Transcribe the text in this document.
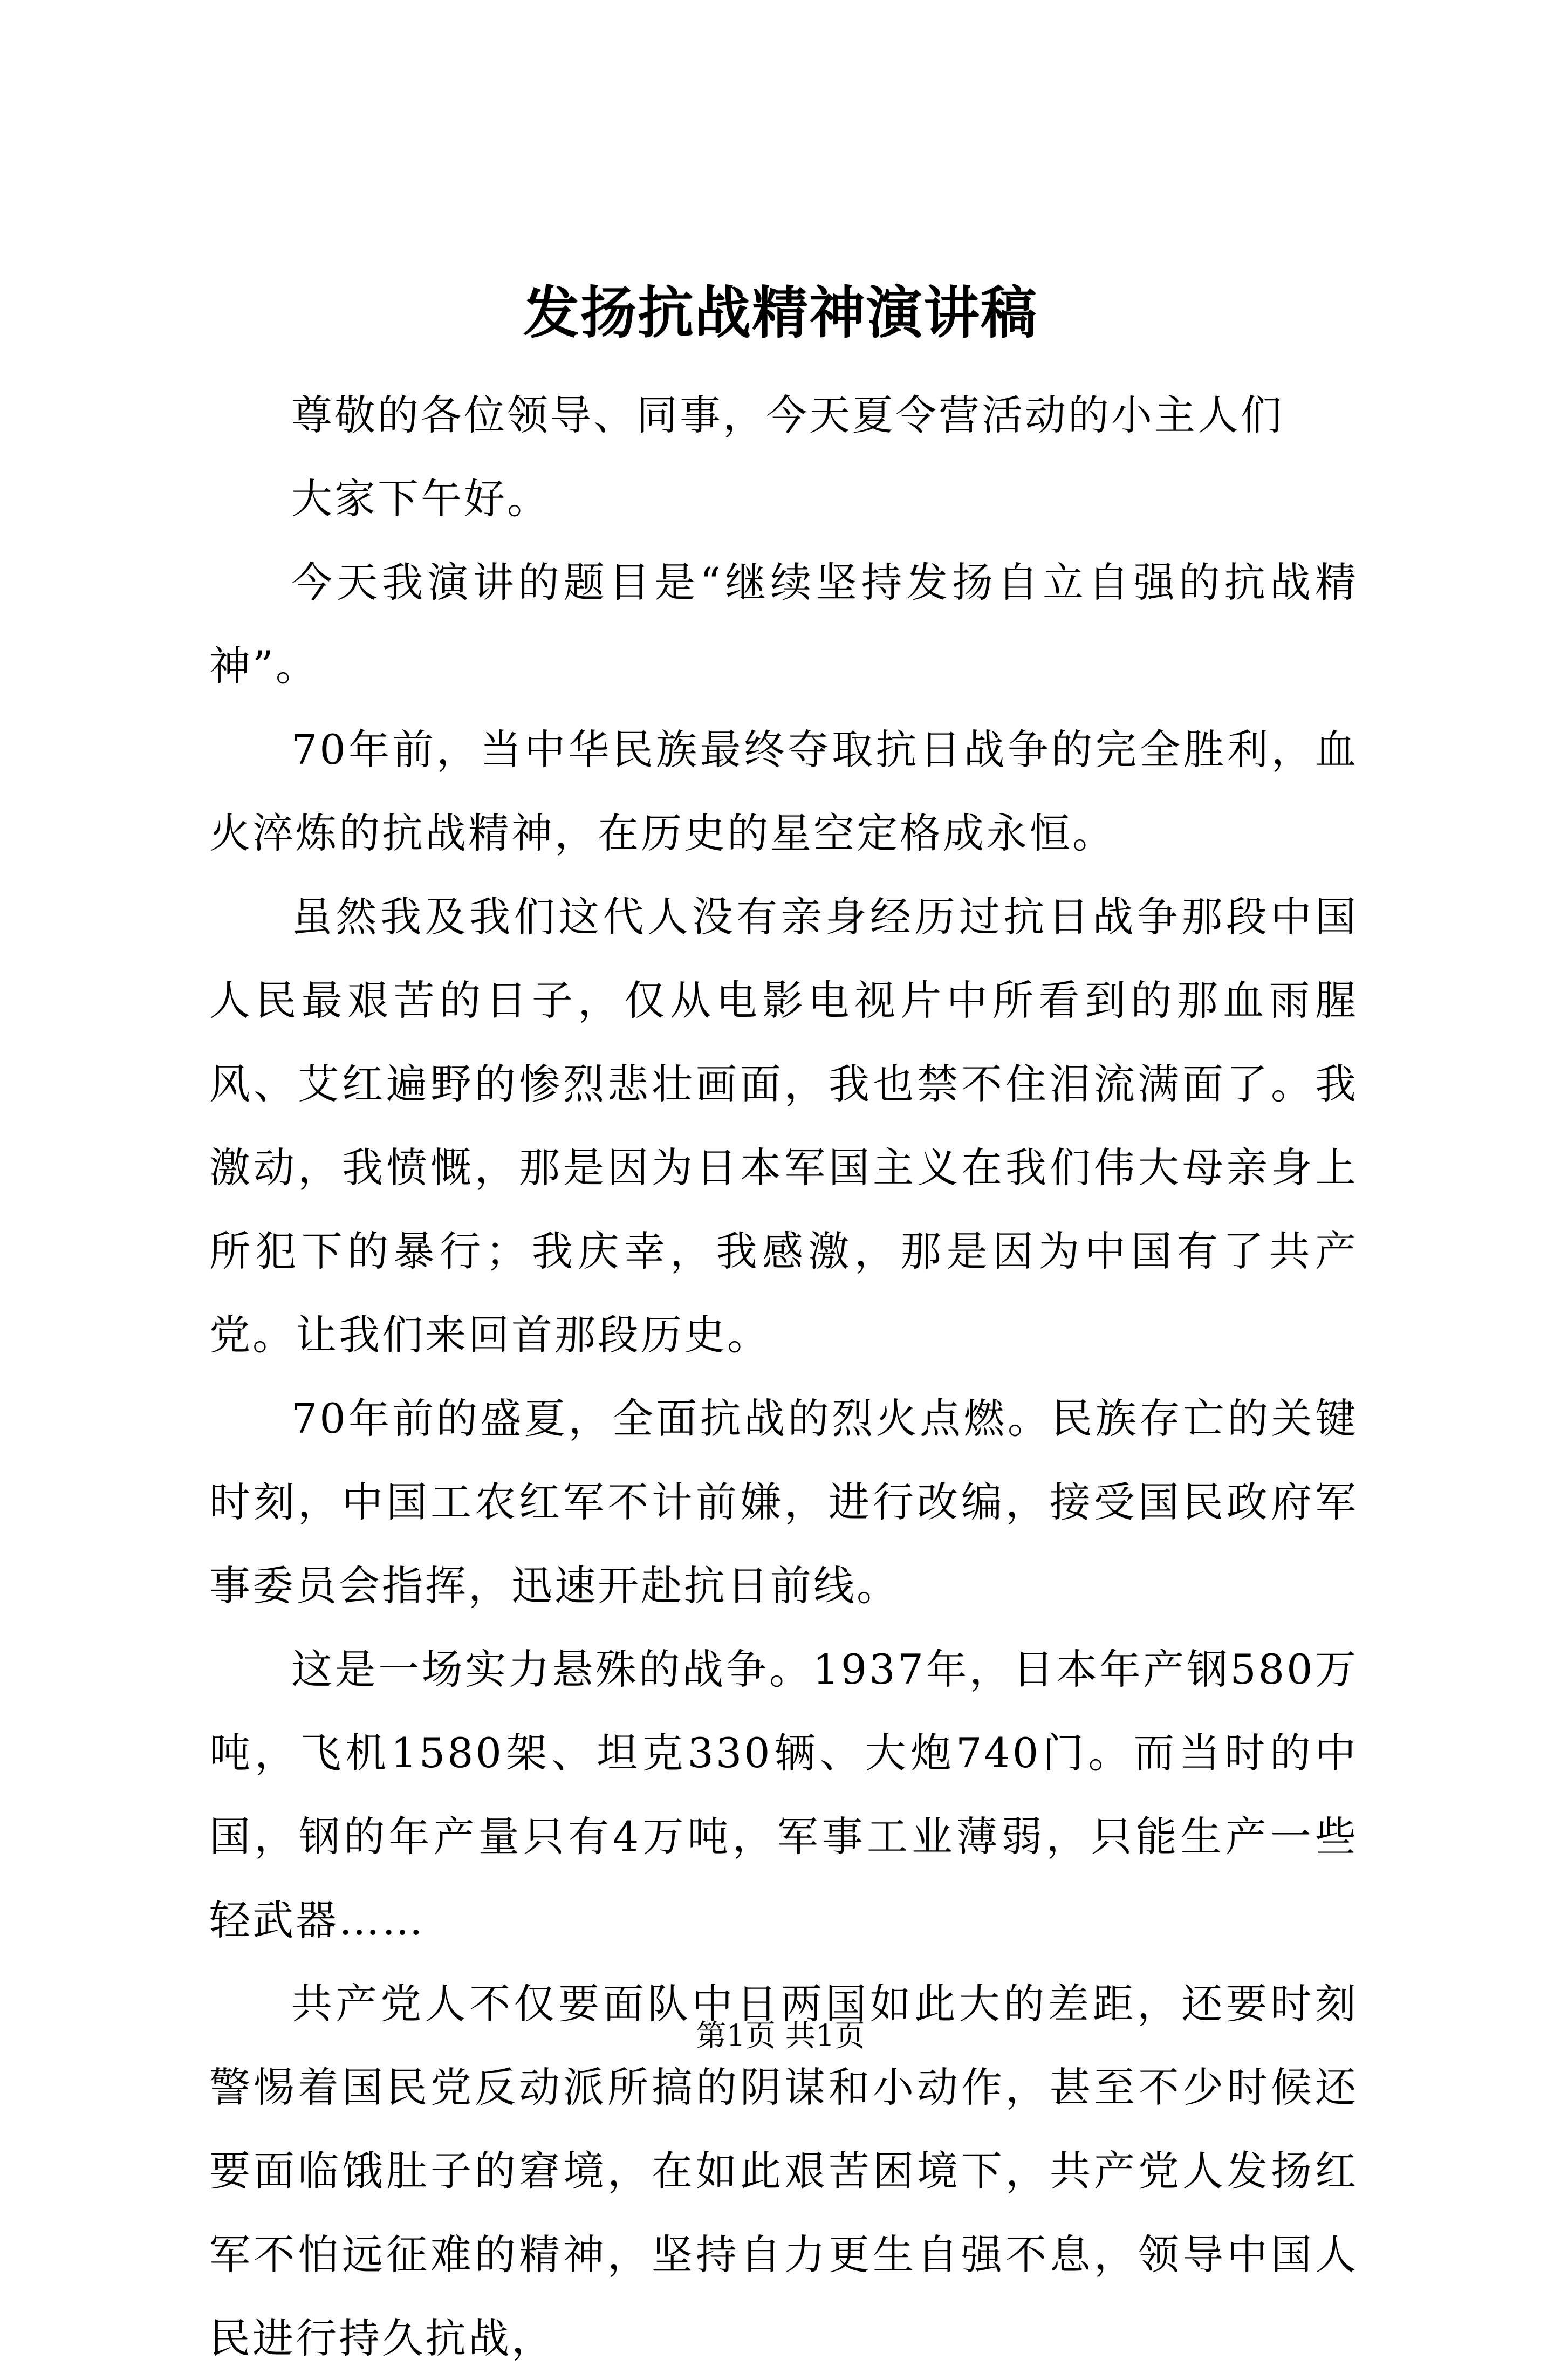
发扬抗战精神演讲稿

尊敬的各位领导、同事，今天夏令营活动的小主人们

大家下午好。

今天我演讲的题目是“继续坚持发扬自立自强的抗战精神”。

70年前，当中华民族最终夺取抗日战争的完全胜利，血火淬炼的抗战精神，在历史的星空定格成永恒。

虽然我及我们这代人没有亲身经历过抗日战争那段中国人民最艰苦的日子，仅从电影电视片中所看到的那血雨腥风、艾红遍野的惨烈悲壮画面，我也禁不住泪流满面了。我激动，我愤慨，那是因为日本军国主义在我们伟大母亲身上所犯下的暴行；我庆幸，我感激，那是因为中国有了共产党。让我们来回首那段历史。

70年前的盛夏，全面抗战的烈火点燃。民族存亡的关键时刻，中国工农红军不计前嫌，进行改编，接受国民政府军事委员会指挥，迅速开赴抗日前线。

这是一场实力悬殊的战争。1937年，日本年产钢580万吨，飞机1580架、坦克330辆、大炮740门。而当时的中国，钢的年产量只有4万吨，军事工业薄弱，只能生产一些轻武器……

共产党人不仅要面队中日两国如此大的差距，还要时刻警惕着国民党反动派所搞的阴谋和小动作，甚至不少时候还要面临饿肚子的窘境，在如此艰苦困境下，共产党人发扬红军不怕远征难的精神，坚持自力更生自强不息，领导中国人民进行持久抗战，

第1页 共1页
